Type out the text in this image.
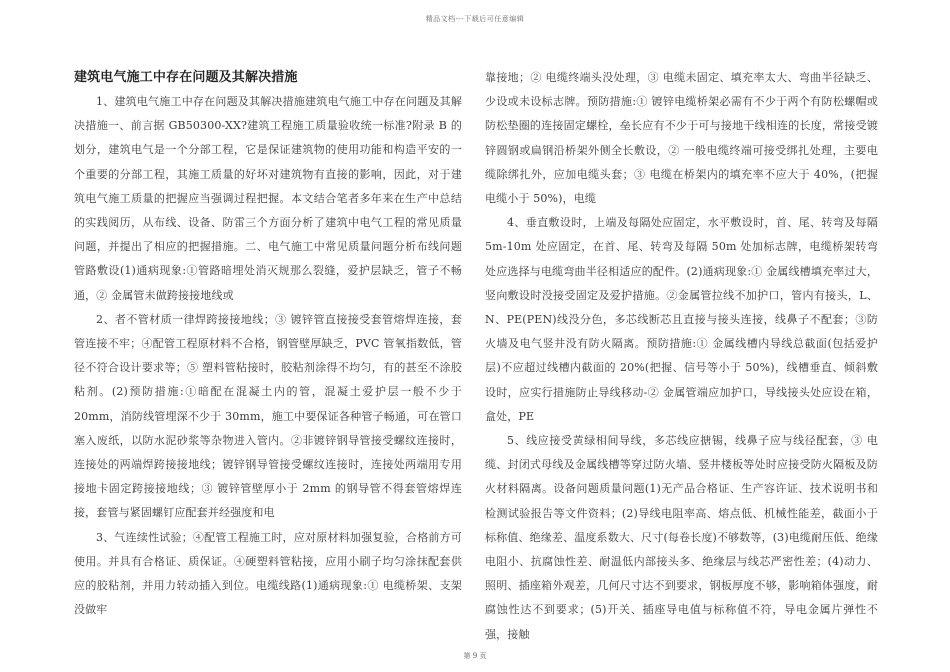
精品文档---下载后可任意编辑
建筑电气施工中存在问题及其解决措施

1、建筑电气施工中存在问题及其解决措施建筑电气施工中存在问题及其解决措施一、前言据 GB50300-XX?建筑工程施工质量验收统一标准?附录 B 的划分，建筑电气是一个分部工程，它是保证建筑物的使用功能和构造平安的一个重要的分部工程，其施工质量的好坏对建筑物有直接的影响，因此，对于建筑电气施工质量的把握应当强调过程把握。本文结合笔者多年来在生产中总结的实践阅历，从布线、设备、防雷三个方面分析了建筑中电气工程的常见质量问题，并提出了相应的把握措施。二、电气施工中常见质量问题分析布线问题管路敷设(1)通病现象:①管路暗埋处消灭规那么裂缝，爱护层缺乏，管子不畅通，② 金属管未做跨接接地线或

2、者不管材质一律焊跨接接地线；③ 镀锌管直接接受套管熔焊连接，套管连接不牢；④配管工程原材料不合格，钢管壁厚缺乏，PVC 管氧指数低，管径不符合设计要求等；⑤ 塑料管粘接时，胶粘剂涂得不均匀，有的甚至不涂胶粘剂。(2)预防措施:①暗配在混凝土内的管，混凝土爱护层一般不少于 20mm，消防线管埋深不少于 30mm，施工中要保证各种管子畅通，可在管口塞入废纸，以防水泥砂浆等杂物进入管内。②非镀锌钢导管接受螺纹连接时，连接处的两端焊跨接接地线；镀锌钢导管接受螺纹连接时，连接处两端用专用接地卡固定跨接接地线；③ 镀锌管壁厚小于 2mm 的钢导管不得套管熔焊连接，套管与紧固螺钉应配套并经强度和电

3、气连续性试验；④配管工程施工时，应对原材料加强复验，合格前方可使用。并具有合格证、质保证。④硬塑料管粘接，应用小刷子均匀涂抹配套供应的胶粘剂，并用力转动插入到位。电缆线路(1)通病现象:① 电缆桥架、支架没做牢

靠接地；② 电缆终端头没处理，③ 电缆未固定、填充率太大、弯曲半径缺乏、少设或未设标志牌。预防措施:① 镀锌电缆桥架必需有不少于两个有防松螺帽或防松垫圈的连接固定螺栓，垒长应有不少于可与接地干线相连的长度，常接受镀锌圆钢或扁钢沿桥架外侧全长敷设，② 一般电缆终端可接受绑扎处理，主要电缆除绑扎外，应加电缆头套；③ 电缆在桥架内的填充率不应大于 40%，(把握电缆小于 50%)，电缆

4、垂直敷设时，上端及每隔处应固定，水平敷设时，首、尾、转弯及每隔 5m-10m 处应固定，在首、尾、转弯及每隔 50m 处加标志牌，电缆桥架转弯处应选择与电缆弯曲半径相适应的配件。(2)通病现象:① 金属线槽填充率过大，竖向敷设时没接受固定及爱护措施。②金属管拉线不加护口，管内有接头，L、N、PE(PEN)线没分色，多芯线断芯且直接与接头连接，线鼻子不配套；③防火墙及电气竖井没有防火隔离。预防措施:① 金属线槽内导线总截面(包括爱护层)不应超过线槽内截面的 20%(把握、信号等小于 50%)，线槽垂直、倾斜敷设时，应实行措施防止导线移动-② 金属管端应加护口，导线接头处应设在箱，盒处，PE

5、线应接受黄绿相间导线，多芯线应搪锡，线鼻子应与线径配套，③ 电缆、封闭式母线及金属线槽等穿过防火墙、竖井楼板等处时应接受防火隔板及防火材料隔离。设备问题质量问题(1)无产品合格证、生产容许证、技术说明书和检测试验报告等文件资料；(2)导线电阻率高、熔点低、机械性能差，截面小于标称值、绝缘差、温度系数大、尺寸(每卷长度)不够数等，(3)电缆耐压低、绝缘电阻小、抗腐蚀性差、耐温低内部接头多、绝缘层与线芯严密性差；(4)动力、照明、插座箱外观差，几何尺寸达不到要求，钢板厚度不够，影响箱体强度，耐腐蚀性达不到要求；(5)开关、插座导电值与标称值不符，导电金属片弹性不强，接触

第 9 页
